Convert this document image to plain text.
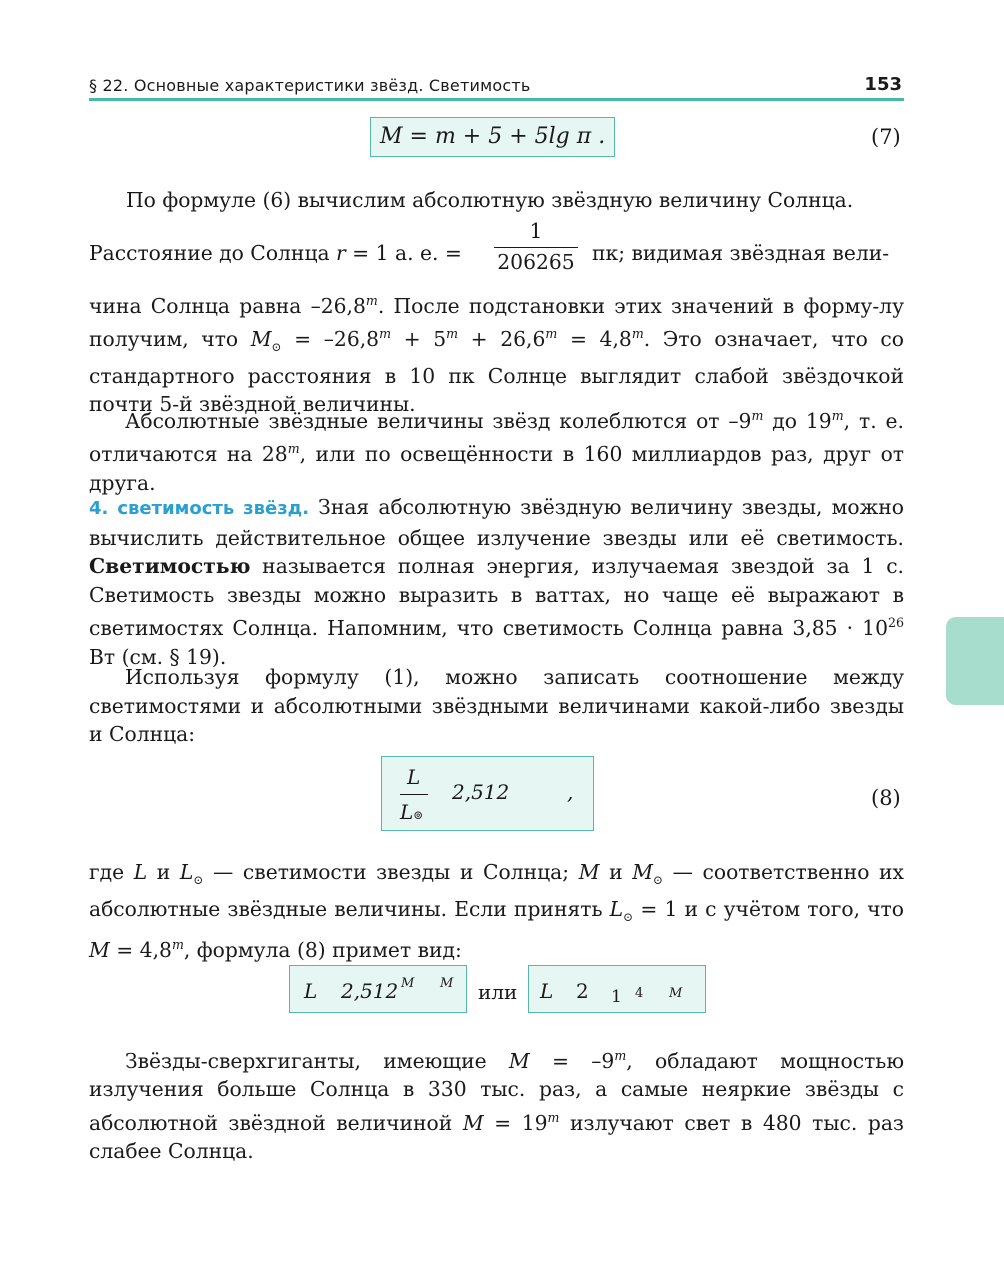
§ 22. Основные характеристики звёзд. Светимость	153
M = m + 5 + 5lg π .	(7)
По формуле (6) вычислим абсолютную звёздную величину Солнца.
Расстояние до Солнца r = 1 а. е. =
1
206265 пк; видимая звёздная вели-

чина Солнца равна –26,8$^m$. После подстановки этих значений в форму-лу получим, что $M_⊙ = -26,8^m + 5^m + 26,6^m = 4,8^m$. Это означает, что со стандартного расстояния в 10 пк Солнце выглядит слабой звёздочкой почти 5-й звёздной величины.

Абсолютные звёздные величины звёзд колеблются от –9$^m$ до 19$^m$, т. е. отличаются на 28$^m$, или по освещённости в 160 миллиардов раз, друг от друга.

4. светимость звёзд. Зная абсолютную звёздную величину звезды, можно вычислить действительное общее излучение звезды или её светимость. Светимостью называется полная энергия, излучаемая звездой за 1 с. Светимость звезды можно выразить в ваттах, но чаще её выражают в светимостях Солнца. Напомним, что светимость Солнца равна $3,85 \cdot 10^{26}$ Вт (см. § 19).

Используя формулу (1), можно записать соотношение между светимостями и абсолютными звёздными величинами какой-либо звезды и Солнца:

L
L⊚
2,512	,	(8)

где L и $L_⊙$ — светимости звезды и Солнца; M и $M_⊙$ — соответственно их абсолютные звёздные величины. Если принять $L_⊙ = 1$ и с учётом того, что $M = 4,8^m$, формула (8) примет вид:

L 2,512 M M или L 2 1 4 M

Звёзды-сверхгиганты, имеющие $M = -9^m$, обладают мощностью излучения больше Солнца в 330 тыс. раз, а самые неяркие звёзды с абсолютной звёздной величиной $M = 19^m$ излучают свет в 480 тыс. раз слабее Солнца.
